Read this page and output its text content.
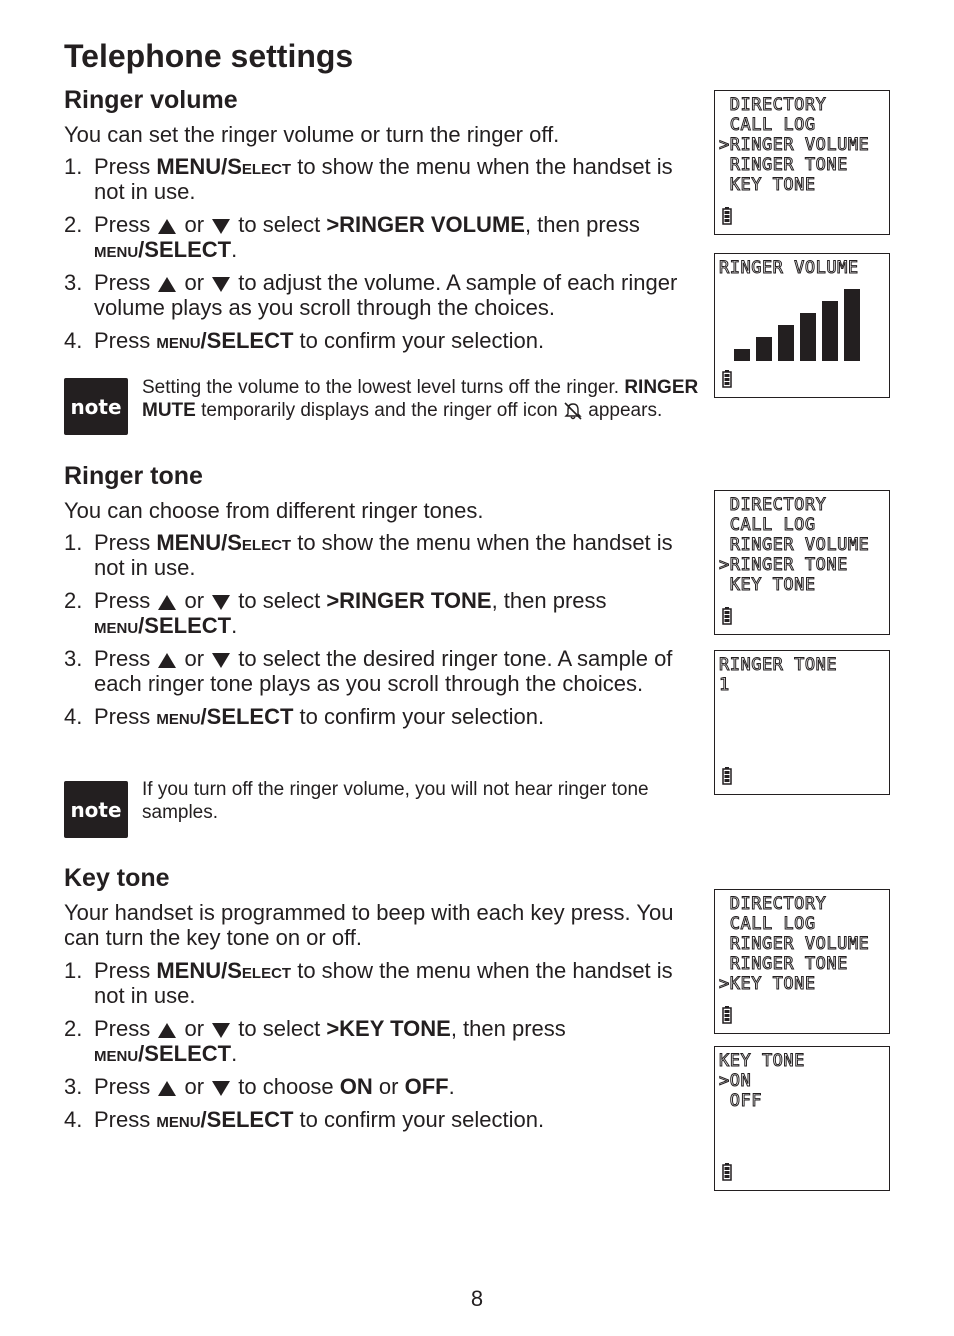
Telephone settings
Ringer volume
You can set the ringer volume or turn the ringer off.
1. Press MENU/Select to show the menu when the handset is not in use.
2. Press  or  to select >RINGER VOLUME, then press menu/SELECT.
3. Press  or  to adjust the volume. A sample of each ringer volume plays as you scroll through the choices.
4. Press menu/SELECT to confirm your selection.
note
Setting the volume to the lowest level turns off the ringer. RINGER MUTE temporarily displays and the ringer off icon  appears.
Ringer tone
You can choose from different ringer tones.
1. Press MENU/Select to show the menu when the handset is not in use.
2. Press  or  to select >RINGER TONE, then press menu/SELECT.
3. Press  or  to select the desired ringer tone. A sample of each ringer tone plays as you scroll through the choices.
4. Press menu/SELECT to confirm your selection.
note
If you turn off the ringer volume, you will not hear ringer tone samples.
Key tone
Your handset is programmed to beep with each key press. You can turn the key tone on or off.
1. Press MENU/Select to show the menu when the handset is not in use.
2. Press  or  to select >KEY TONE, then press menu/SELECT.
3. Press  or  to choose ON or OFF.
4. Press menu/SELECT to confirm your selection.
DIRECTORY
CALL LOG
>RINGER VOLUME
RINGER TONE
KEY TONE
RINGER VOLUME
DIRECTORY
CALL LOG
RINGER VOLUME
>RINGER TONE
KEY TONE
RINGER TONE
1
DIRECTORY
CALL LOG
RINGER VOLUME
RINGER TONE
>KEY TONE
KEY TONE
>ON
OFF
8
